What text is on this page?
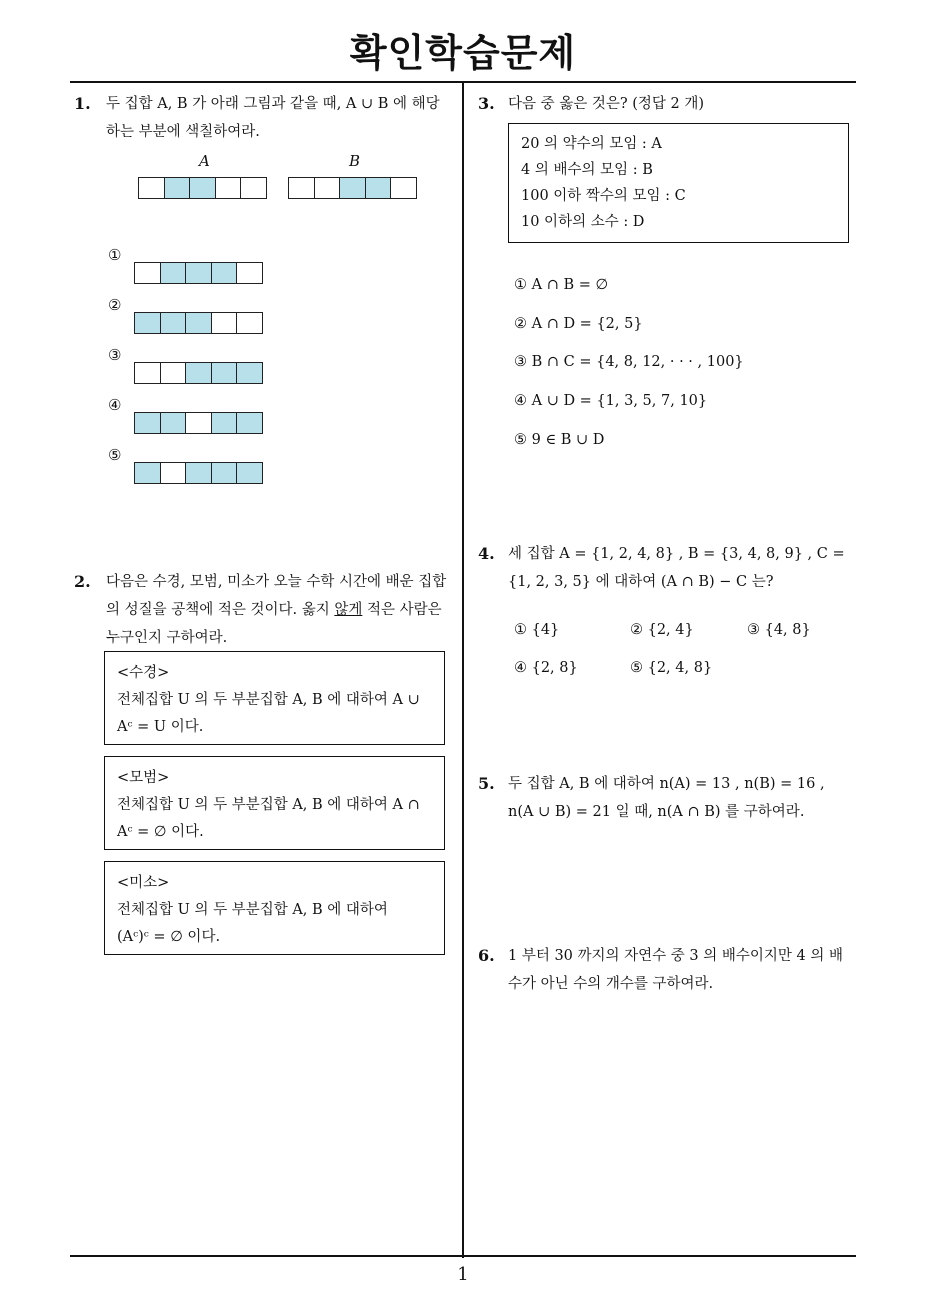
확인학습문제
1. 두 집합 A, B 가 아래 그림과 같을 때, A ∪ B 에 해당
하는 부분에 색칠하여라.
A	B
①
②
③
④
⑤
2. 다음은 수경, 모범, 미소가 오늘 수학 시간에 배운 집합
의 성질을 공책에 적은 것이다. 옳지 않게 적은 사람은
누구인지 구하여라.
<수경>
전체집합 U 의 두 부분집합 A, B 에 대하여 A ∪
Aᶜ = U 이다.
<모범>
전체집합 U 의 두 부분집합 A, B 에 대하여 A ∩
Aᶜ = ∅ 이다.
<미소>
전체집합 U 의 두 부분집합 A, B 에 대하여
(Aᶜ)ᶜ = ∅ 이다.
3. 다음 중 옳은 것은? (정답 2 개)
20 의 약수의 모임 : A
4 의 배수의 모임 : B
100 이하 짝수의 모임 : C
10 이하의 소수 : D
① A ∩ B = ∅
② A ∩ D = {2, 5}
③ B ∩ C = {4, 8, 12, · · · , 100}
④ A ∪ D = {1, 3, 5, 7, 10}
⑤ 9 ∈ B ∪ D
4. 세 집합 A = {1, 2, 4, 8} , B = {3, 4, 8, 9} , C =
{1, 2, 3, 5} 에 대하여 (A ∩ B) − C 는?
① {4}	② {2, 4}	③ {4, 8}
④ {2, 8}	⑤ {2, 4, 8}
5. 두 집합 A, B 에 대하여 n(A) = 13 , n(B) = 16 ,
n(A ∪ B) = 21 일 때, n(A ∩ B) 를 구하여라.
6. 1 부터 30 까지의 자연수 중 3 의 배수이지만 4 의 배
수가 아닌 수의 개수를 구하여라.
1
